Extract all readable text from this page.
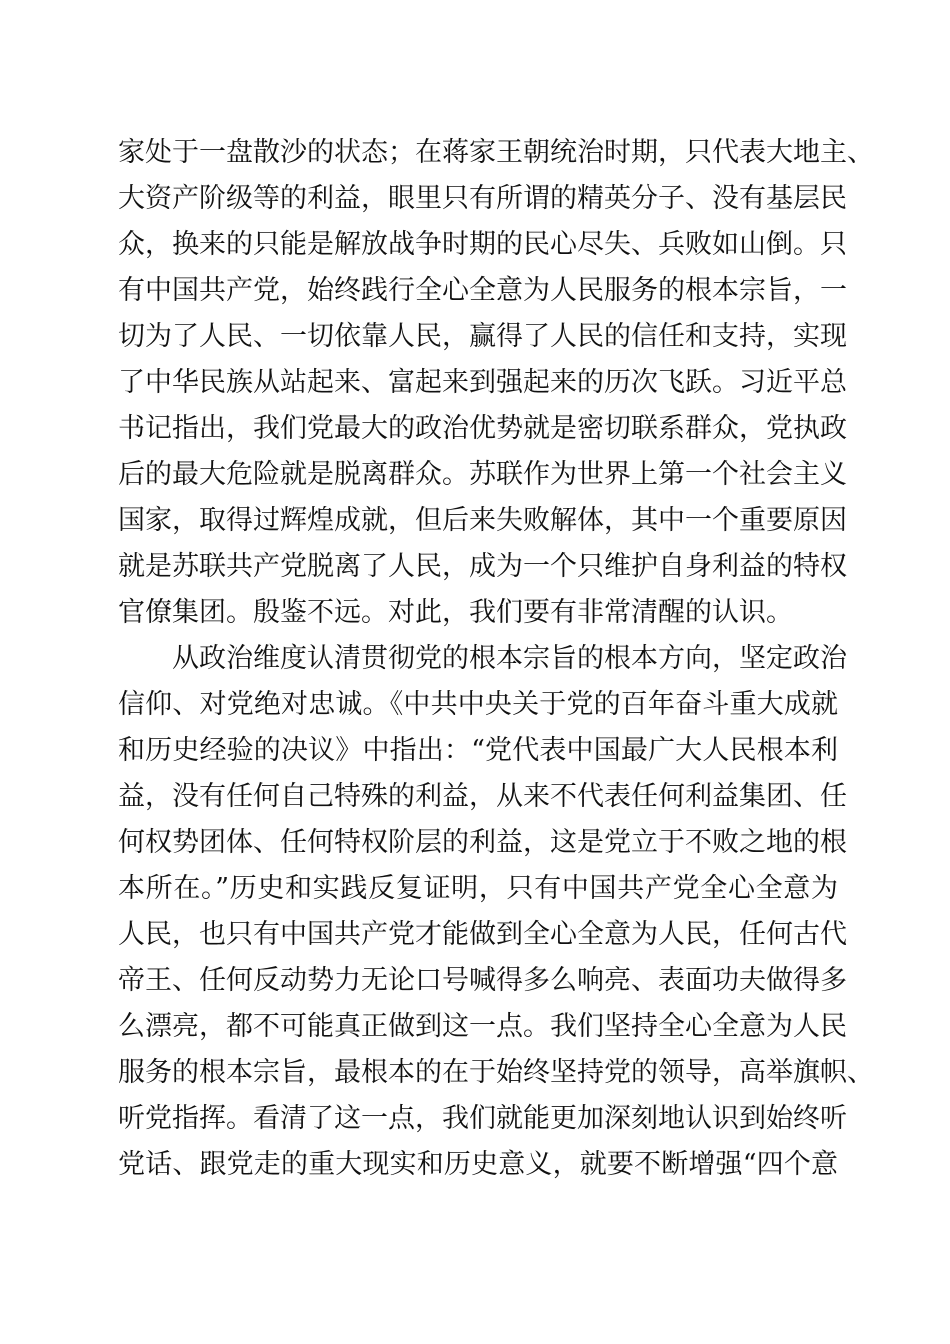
家处于一盘散沙的状态；在蒋家王朝统治时期，只代表大地主、
大资产阶级等的利益，眼里只有所谓的精英分子、没有基层民
众，换来的只能是解放战争时期的民心尽失、兵败如山倒。只
有中国共产党，始终践行全心全意为人民服务的根本宗旨，一
切为了人民、一切依靠人民，赢得了人民的信任和支持，实现
了中华民族从站起来、富起来到强起来的历次飞跃。习近平总
书记指出，我们党最大的政治优势就是密切联系群众，党执政
后的最大危险就是脱离群众。苏联作为世界上第一个社会主义
国家，取得过辉煌成就，但后来失败解体，其中一个重要原因
就是苏联共产党脱离了人民，成为一个只维护自身利益的特权
官僚集团。殷鉴不远。对此，我们要有非常清醒的认识。
从政治维度认清贯彻党的根本宗旨的根本方向，坚定政治
信仰、对党绝对忠诚。《中共中央关于党的百年奋斗重大成就
和历史经验的决议》中指出：“党代表中国最广大人民根本利
益，没有任何自己特殊的利益，从来不代表任何利益集团、任
何权势团体、任何特权阶层的利益，这是党立于不败之地的根
本所在。”历史和实践反复证明，只有中国共产党全心全意为
人民，也只有中国共产党才能做到全心全意为人民，任何古代
帝王、任何反动势力无论口号喊得多么响亮、表面功夫做得多
么漂亮，都不可能真正做到这一点。我们坚持全心全意为人民
服务的根本宗旨，最根本的在于始终坚持党的领导，高举旗帜、
听党指挥。看清了这一点，我们就能更加深刻地认识到始终听
党话、跟党走的重大现实和历史意义，就要不断增强“四个意
